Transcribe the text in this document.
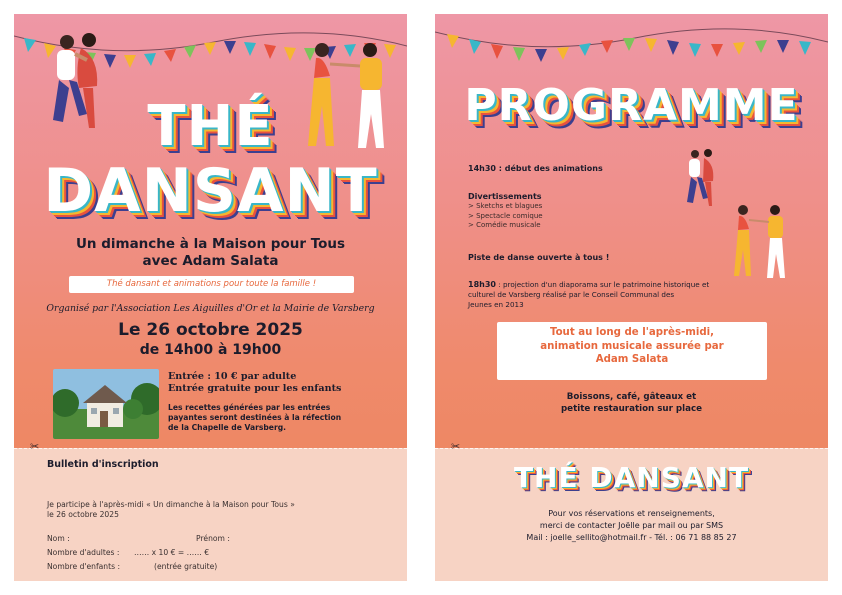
THÉ
DANSANT
Un dimanche à la Maison pour Tous
avec Adam Salata
Thé dansant et animations pour toute la famille !
Organisé par l'Association Les Aiguilles d'Or et la Mairie de Varsberg
Le 26 octobre 2025
de 14h00 à 19h00
Entrée : 10 € par adulte
Entrée gratuite pour les enfants
Les recettes générées par les entrées
payantes seront destinées à la réfection
de la Chapelle de Varsberg.
✂
Bulletin d'inscription
Je participe à l'après-midi « Un dimanche à la Maison pour Tous »
le 26 octobre 2025
Nom :	Prénom :
Nombre d'adultes : …… x 10 € = …… €
Nombre d'enfants :	(entrée gratuite)
PROGRAMME
14h30 : début des animations
Divertissements
> Sketchs et blagues
> Spectacle comique
> Comédie musicale
Piste de danse ouverte à tous !
18h30 : projection d'un diaporama sur le patrimoine historique et
culturel de Varsberg réalisé par le Conseil Communal des
Jeunes en 2013
Tout au long de l'après-midi,
animation musicale assurée par
Adam Salata
Boissons, café, gâteaux et
petite restauration sur place
✂
THÉ DANSANT
Pour vos réservations et renseignements,
merci de contacter Joëlle par mail ou par SMS
Mail : joelle_sellito@hotmail.fr - Tél. : 06 71 88 85 27
